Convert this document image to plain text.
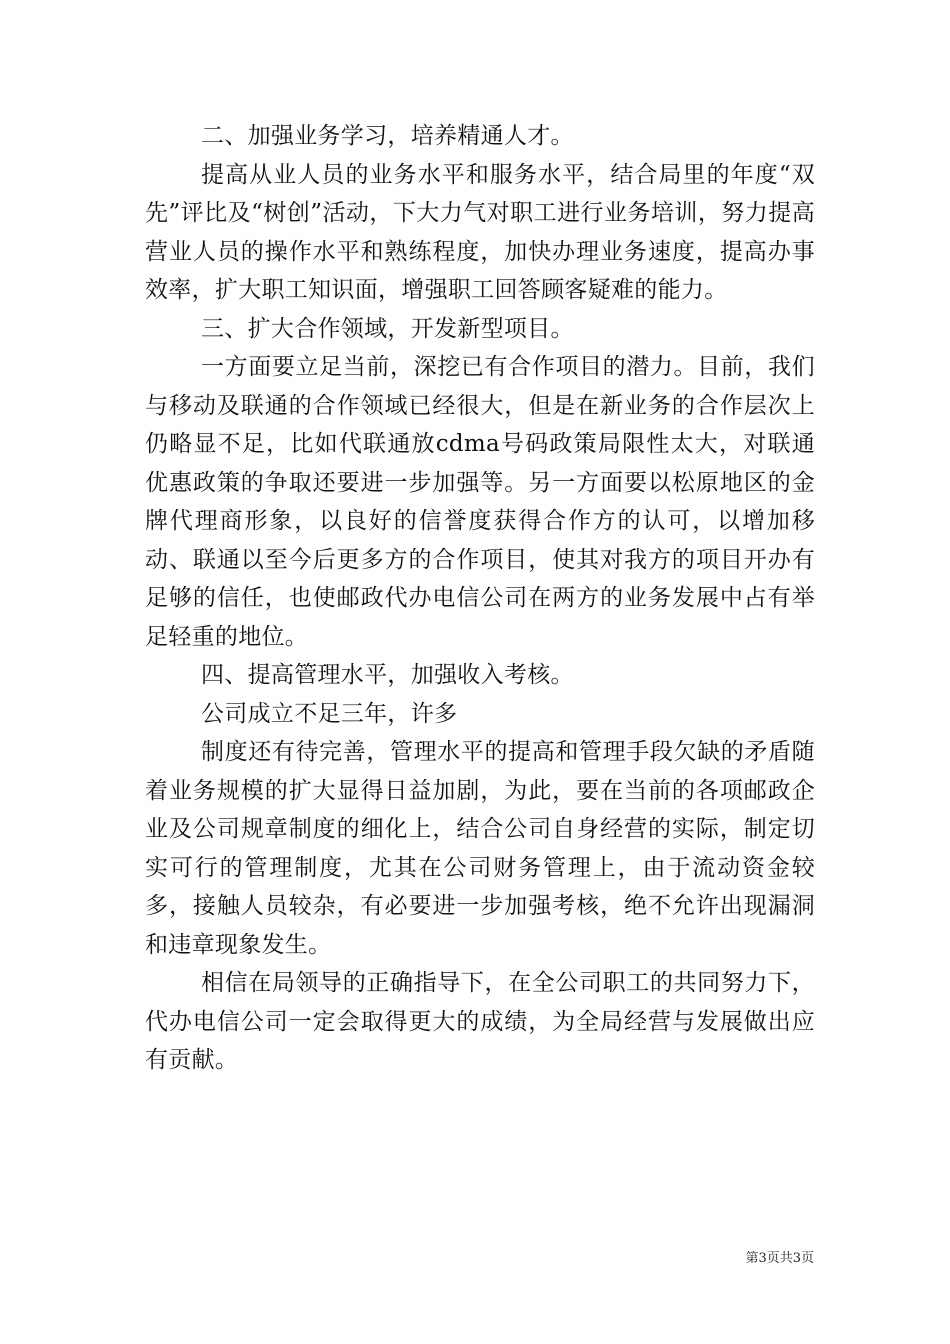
二、加强业务学习，培养精通人才。

提高从业人员的业务水平和服务水平，结合局里的年度“双先”评比及“树创”活动，下大力气对职工进行业务培训，努力提高营业人员的操作水平和熟练程度，加快办理业务速度，提高办事效率，扩大职工知识面，增强职工回答顾客疑难的能力。

三、扩大合作领域，开发新型项目。

一方面要立足当前，深挖已有合作项目的潜力。目前，我们与移动及联通的合作领域已经很大，但是在新业务的合作层次上仍略显不足，比如代联通放cdma号码政策局限性太大，对联通优惠政策的争取还要进一步加强等。另一方面要以松原地区的金牌代理商形象，以良好的信誉度获得合作方的认可，以增加移动、联通以至今后更多方的合作项目，使其对我方的项目开办有足够的信任，也使邮政代办电信公司在两方的业务发展中占有举足轻重的地位。

四、提高管理水平，加强收入考核。

公司成立不足三年，许多

制度还有待完善，管理水平的提高和管理手段欠缺的矛盾随着业务规模的扩大显得日益加剧，为此，要在当前的各项邮政企业及公司规章制度的细化上，结合公司自身经营的实际，制定切实可行的管理制度，尤其在公司财务管理上，由于流动资金较多，接触人员较杂，有必要进一步加强考核，绝不允许出现漏洞和违章现象发生。

相信在局领导的正确指导下，在全公司职工的共同努力下，代办电信公司一定会取得更大的成绩，为全局经营与发展做出应有贡献。

第3页共3页
